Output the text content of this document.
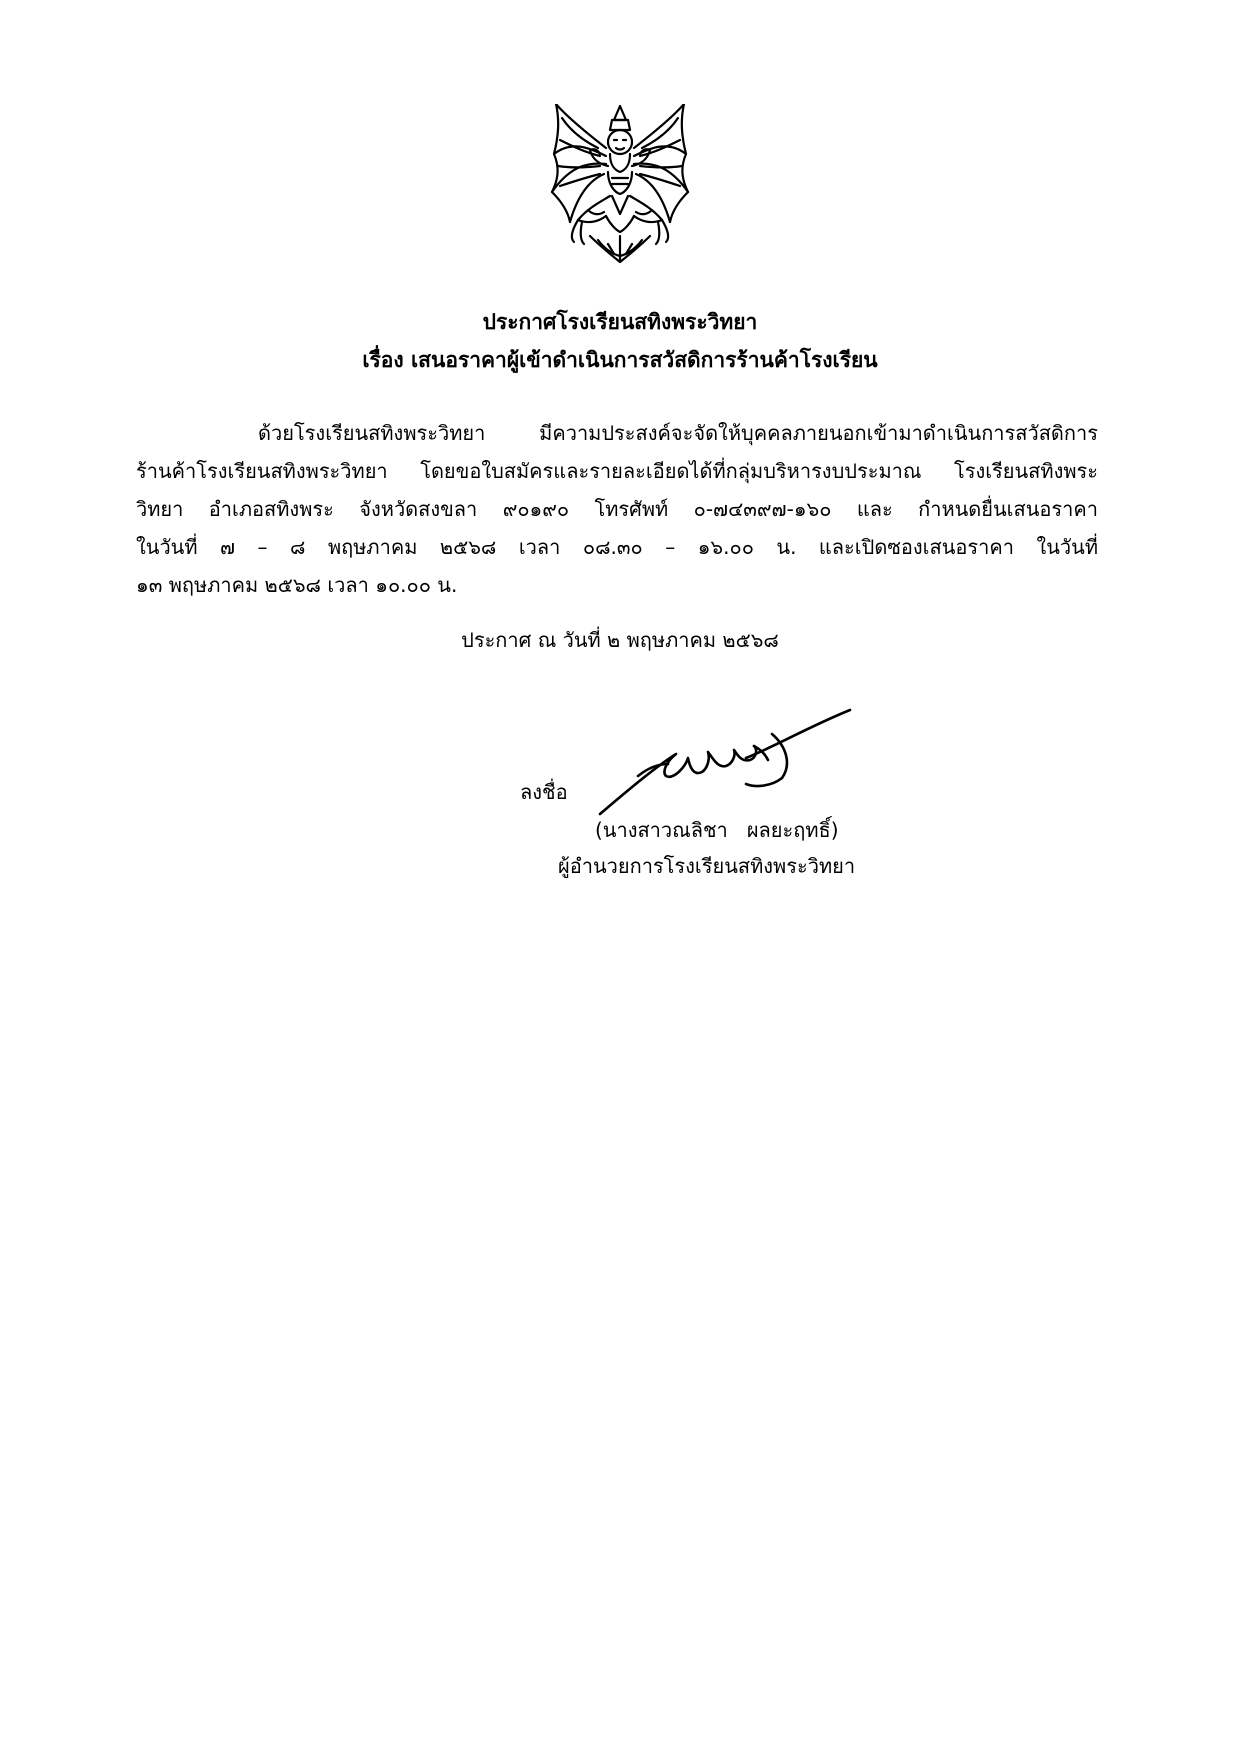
ประกาศโรงเรียนสทิงพระวิทยา
เรื่อง เสนอราคาผู้เข้าดำเนินการสวัสดิการร้านค้าโรงเรียน
ด้วยโรงเรียนสทิงพระวิทยา มีความประสงค์จะจัดให้บุคคลภายนอกเข้ามาดำเนินการสวัสดิการ
ร้านค้าโรงเรียนสทิงพระวิทยา โดยขอใบสมัครและรายละเอียดได้ที่กลุ่มบริหารงบประมาณ โรงเรียนสทิงพระ
วิทยา อำเภอสทิงพระ จังหวัดสงขลา ๙๐๑๙๐ โทรศัพท์ ๐-๗๔๓๙๗-๑๖๐ และ กำหนดยื่นเสนอราคา
ในวันที่ ๗ – ๘ พฤษภาคม ๒๕๖๘ เวลา ๐๘.๓๐ – ๑๖.๐๐ น. และเปิดซองเสนอราคา ในวันที่
๑๓ พฤษภาคม ๒๕๖๘ เวลา ๑๐.๐๐ น.
ประกาศ ณ วันที่ ๒ พฤษภาคม ๒๕๖๘
ลงชื่อ
(นางสาวณลิชา   ผลยะฤทธิ์)
ผู้อำนวยการโรงเรียนสทิงพระวิทยา
